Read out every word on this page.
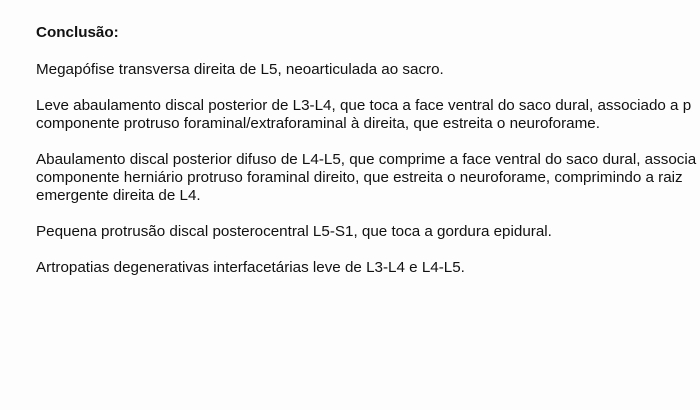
Conclusão:
Megapófise transversa direita de L5, neoarticulada ao sacro.
Leve abaulamento discal posterior de L3-L4, que toca a face ventral do saco dural, associado a p
componente protruso foraminal/extraforaminal à direita, que estreita o neuroforame.
Abaulamento discal posterior difuso de L4-L5, que comprime a face ventral do saco dural, associa
componente herniário protruso foraminal direito, que estreita o neuroforame, comprimindo a raiz
emergente direita de L4.
Pequena protrusão discal posterocentral L5-S1, que toca a gordura epidural.
Artropatias degenerativas interfacetárias leve de L3-L4 e L4-L5.
